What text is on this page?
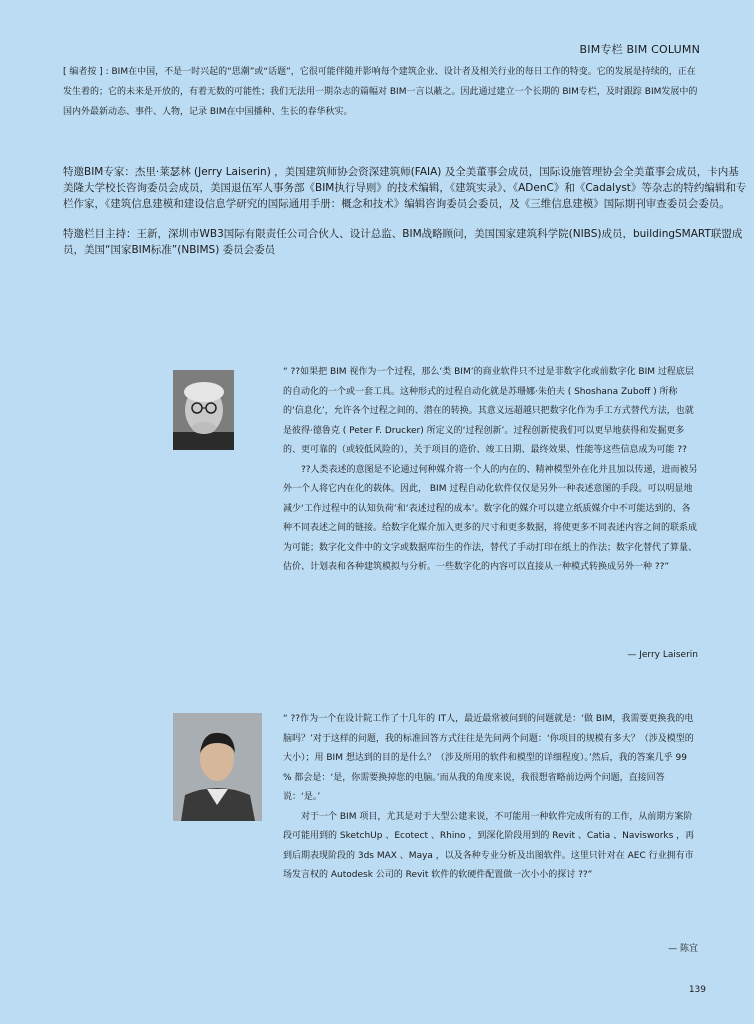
BIM专栏 BIM COLUMN
[ 编者按 ] : BIM在中国，不是一时兴起的“思潮”或“话题”，它很可能伴随并影响每个建筑企业、设计者及相关行业的每日工作的特变。它的发展是持续的，正在发生着的；它的未来是开放的，有着无数的可能性；我们无法用一期杂志的篇幅对 BIM一言以蔽之。因此通过建立一个长期的 BIM专栏，及时跟踪 BIM发展中的国内外最新动态、事件、人物，记录 BIM在中国播种、生长的春华秋实。

特邀BIM专家：杰里·莱瑟林 (Jerry Laiserin) ，美国建筑师协会资深建筑师(FAIA) 及全美董事会成员，国际设施管理协会全美董事会成员，卡内基美隆大学校长咨询委员会成员，美国退伍军人事务部《BIM执行导则》的技术编辑，《建筑实录》、《ADenC》和《Cadalyst》等杂志的特约编辑和专栏作家，《建筑信息建模和建设信息学研究的国际通用手册：概念和技术》编辑咨询委员会委员，及《三维信息建模》国际期刊审查委员会委员。

特邀栏目主持：王新，深圳市WB3国际有限责任公司合伙人、设计总监、BIM战略顾问，美国国家建筑科学院(NIBS)成员，buildingSMART联盟成员，美国“国家BIM标准”(NBIMS) 委员会委员

“ ??如果把 BIM 视作为一个过程，那么‘类 BIM’的商业软件只不过是非数字化或前数字化 BIM 过程底层的自动化的一个或一套工具。这种形式的过程自动化就是苏珊娜·朱伯夫 ( Shoshana Zuboff ) 所称的‘信息化’，允许各个过程之间的、潜在的转换。其意义远超越只把数字化作为手工方式替代方法，也就是彼得·德鲁克 ( Peter F. Drucker) 所定义的‘过程创新’。过程创新使我们可以更早地获得和发掘更多的、更可靠的（或较低风险的），关于项目的造价、竣工日期、最终效果、性能等这些信息成为可能 ??

??人类表述的意图是不论通过何种媒介将一个人的内在的、精神模型外在化并且加以传递，进而被另外一个人将它内在化的载体。因此， BIM 过程自动化软件仅仅是另外一种表述意图的手段。可以明显地减少‘工作过程中的认知负荷’和‘表述过程的成本’。数字化的媒介可以建立纸质媒介中不可能达到的、各种不同表述之间的链接。给数字化媒介加入更多的尺寸和更多数据，将使更多不同表述内容之间的联系成为可能；数字化文件中的文字或数据库衍生的作法，替代了手动打印在纸上的作法；数字化替代了算量、估价、计划表和各种建筑模拟与分析。一些数字化的内容可以直接从一种模式转换成另外一种 ??”

— Jerry Laiserin

“ ??作为一个在设计院工作了十几年的 IT人，最近最常被问到的问题就是：‘做 BIM，我需要更换我的电脑吗？’对于这样的问题，我的标准回答方式往往是先问两个问题：‘你项目的规模有多大？（涉及模型的大小）；用 BIM 想达到的目的是什么？（涉及所用的软件和模型的详细程度）。’然后，我的答案几乎 99 % 都会是：‘是，你需要换掉您的电脑。’而从我的角度来说，我很想省略前边两个问题，直接回答说：‘是。’

对于一个 BIM 项目，尤其是对于大型公建来说，不可能用一种软件完成所有的工作，从前期方案阶段可能用到的 SketchUp 、Ecotect 、Rhino ，到深化阶段用到的 Revit 、Catia 、Navisworks ，再到后期表现阶段的 3ds MAX 、Maya ，以及各种专业分析及出图软件。这里只针对在 AEC 行业拥有市场发言权的 Autodesk 公司的 Revit 软件的软硬件配置做一次小小的探讨 ??”

— 陈宜
139
